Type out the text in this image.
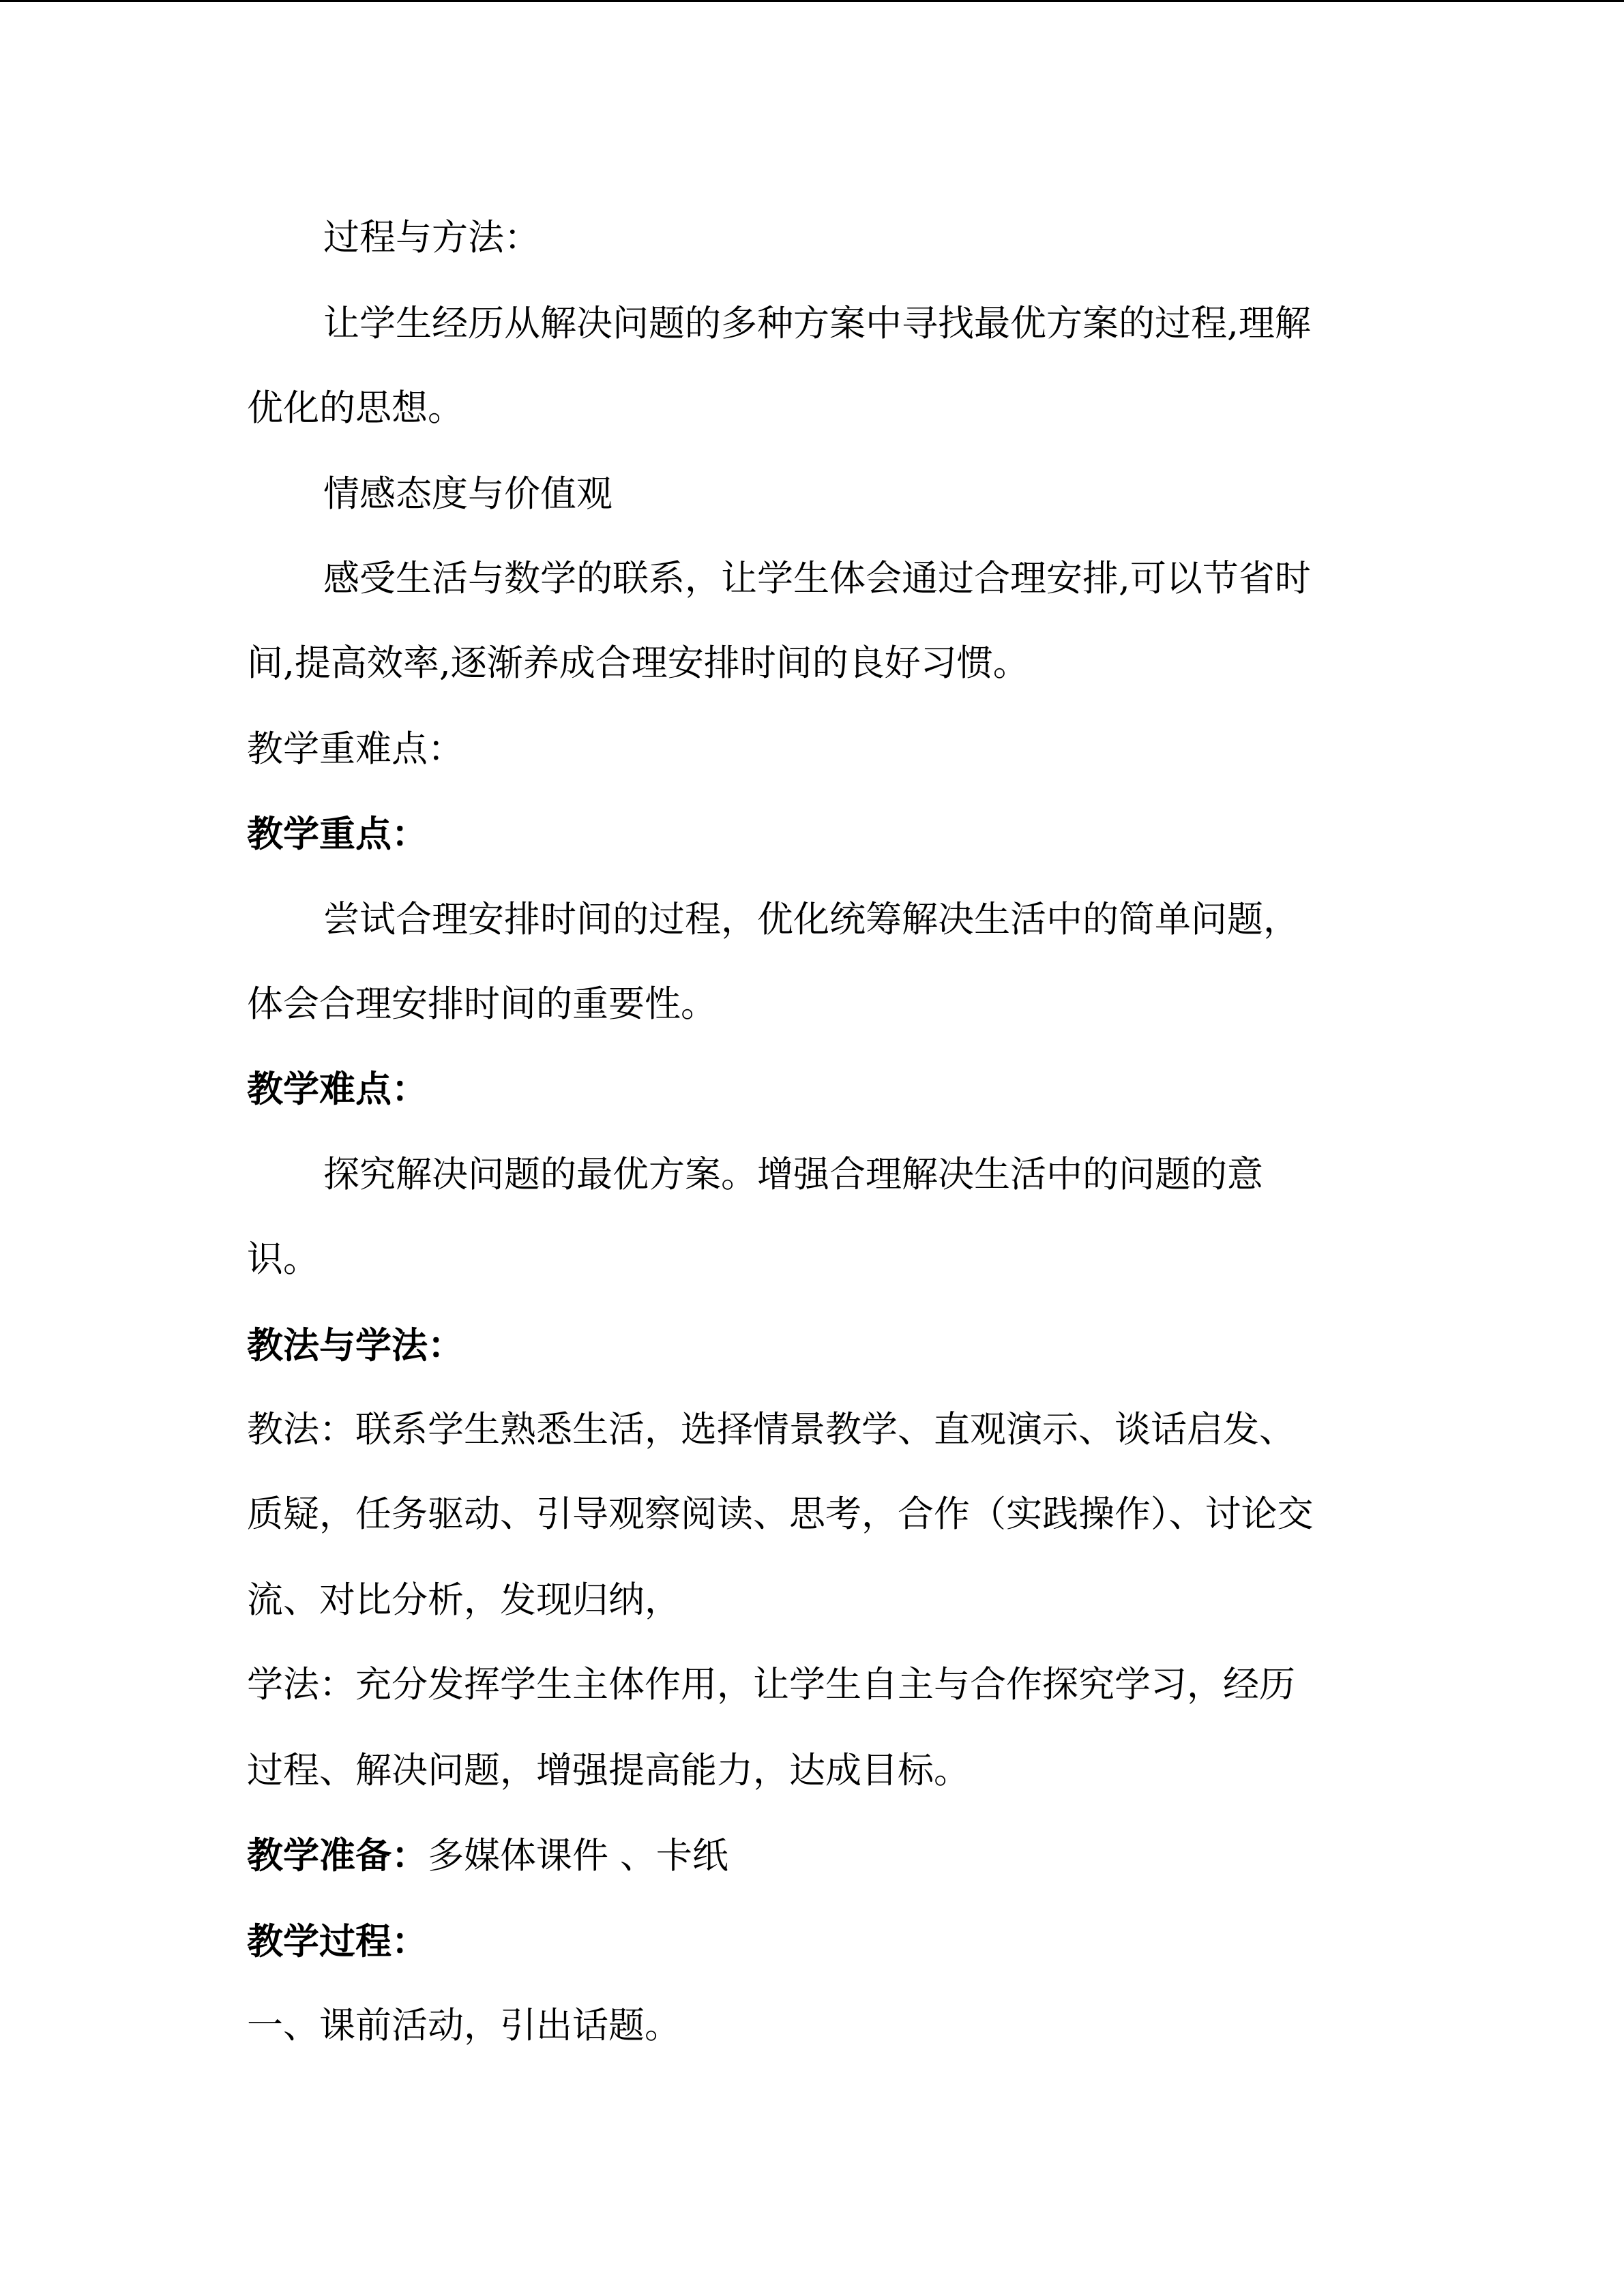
过程与方法：
让学生经历从解决问题的多种方案中寻找最优方案的过程,理解
优化的思想。
情感态度与价值观
感受生活与数学的联系，让学生体会通过合理安排,可以节省时
间,提高效率,逐渐养成合理安排时间的良好习惯。
教学重难点：
教学重点：
尝试合理安排时间的过程，优化统筹解决生活中的简单问题，
体会合理安排时间的重要性。
教学难点：
探究解决问题的最优方案。增强合理解决生活中的问题的意
识。
教法与学法：
教法：联系学生熟悉生活，选择情景教学、直观演示、谈话启发、
质疑，任务驱动、引导观察阅读、思考，合作（实践操作）、讨论交
流、对比分析，发现归纳，
学法：充分发挥学生主体作用，让学生自主与合作探究学习，经历
过程、解决问题，增强提高能力，达成目标。
教学准备：多媒体课件 、卡纸
教学过程：
一、课前活动，引出话题。
